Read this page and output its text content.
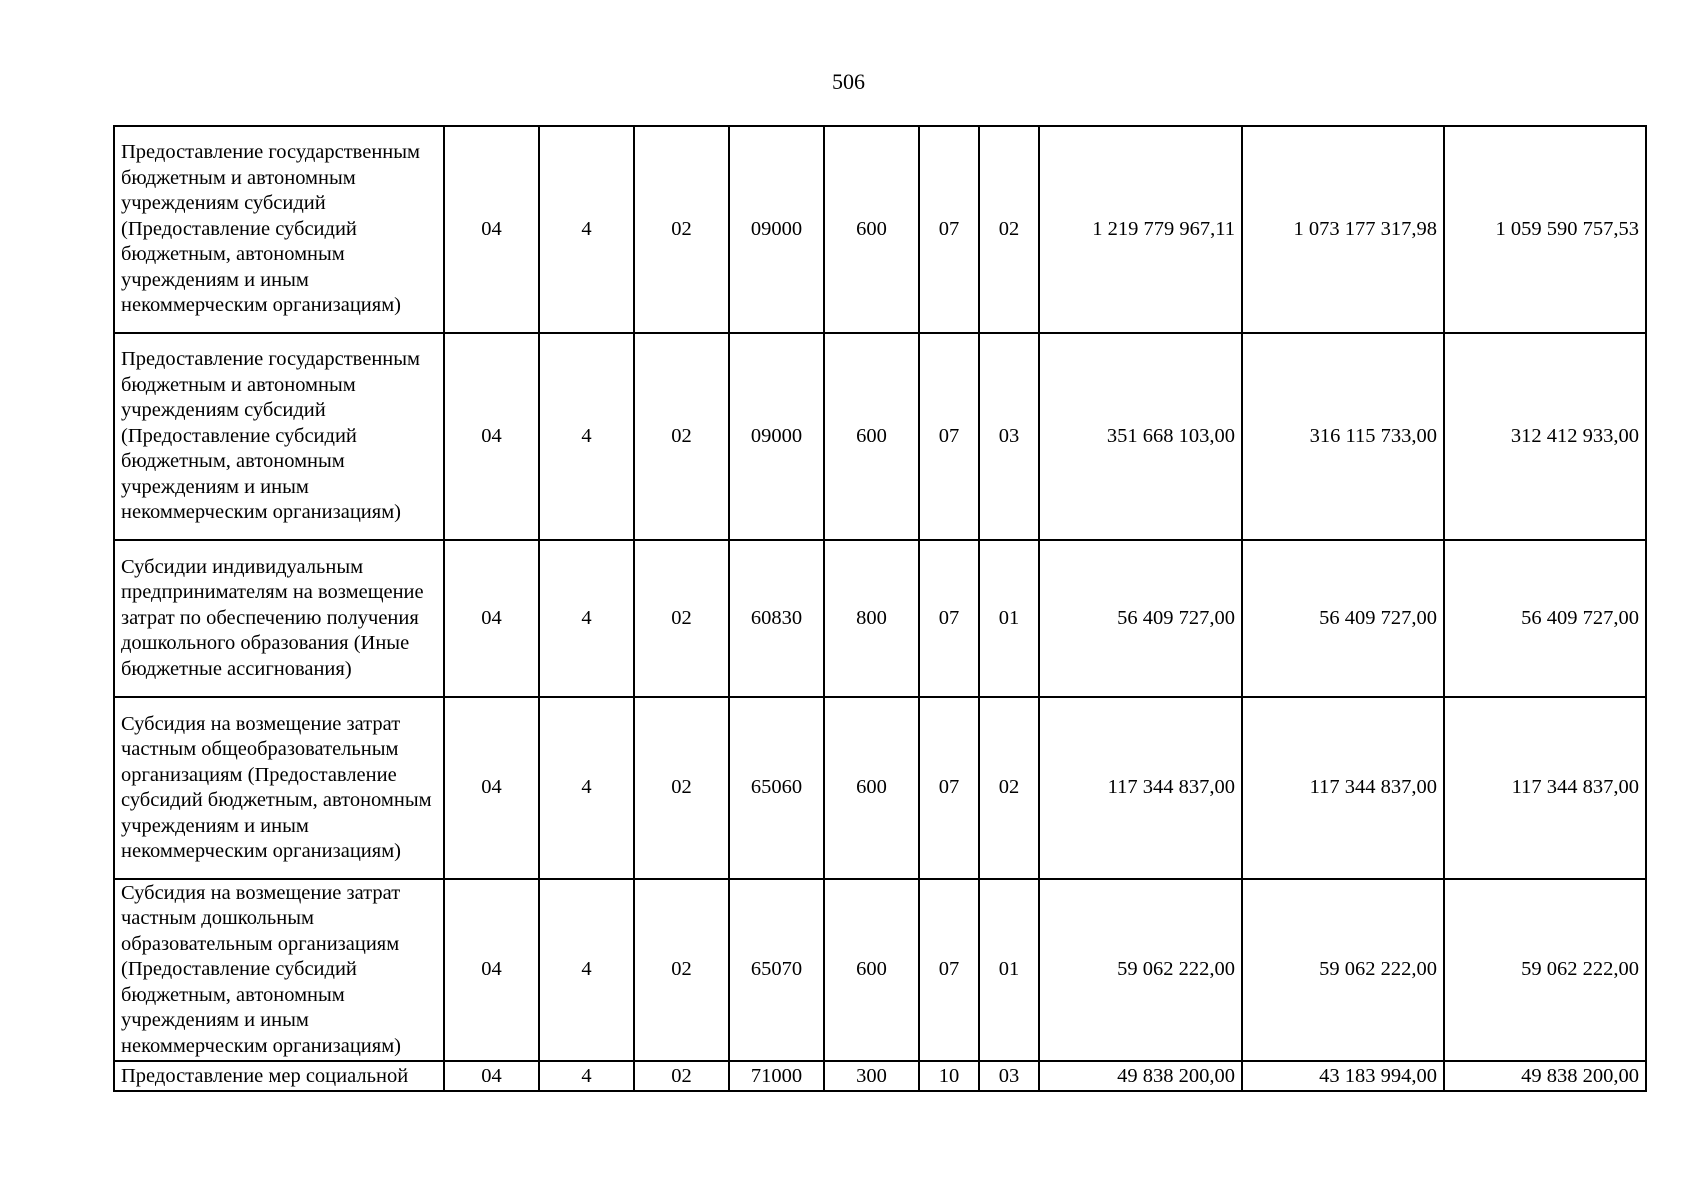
506
Предоставление государственным бюджетным и автономным учреждениям субсидий (Предоставление субсидий бюджетным, автономным учреждениям и иным некоммерческим организациям)	04	4	02	09000	600	07	02	1 219 779 967,11	1 073 177 317,98	1 059 590 757,53
Предоставление государственным бюджетным и автономным учреждениям субсидий (Предоставление субсидий бюджетным, автономным учреждениям и иным некоммерческим организациям)	04	4	02	09000	600	07	03	351 668 103,00	316 115 733,00	312 412 933,00
Субсидии индивидуальным предпринимателям на возмещение затрат по обеспечению получения дошкольного образования (Иные бюджетные ассигнования)	04	4	02	60830	800	07	01	56 409 727,00	56 409 727,00	56 409 727,00
Субсидия на возмещение затрат частным общеобразовательным организациям (Предоставление субсидий бюджетным, автономным учреждениям и иным некоммерческим организациям)	04	4	02	65060	600	07	02	117 344 837,00	117 344 837,00	117 344 837,00
Субсидия на возмещение затрат частным дошкольным образовательным организациям (Предоставление субсидий бюджетным, автономным учреждениям и иным некоммерческим организациям)	04	4	02	65070	600	07	01	59 062 222,00	59 062 222,00	59 062 222,00
Предоставление мер социальной	04	4	02	71000	300	10	03	49 838 200,00	43 183 994,00	49 838 200,00
